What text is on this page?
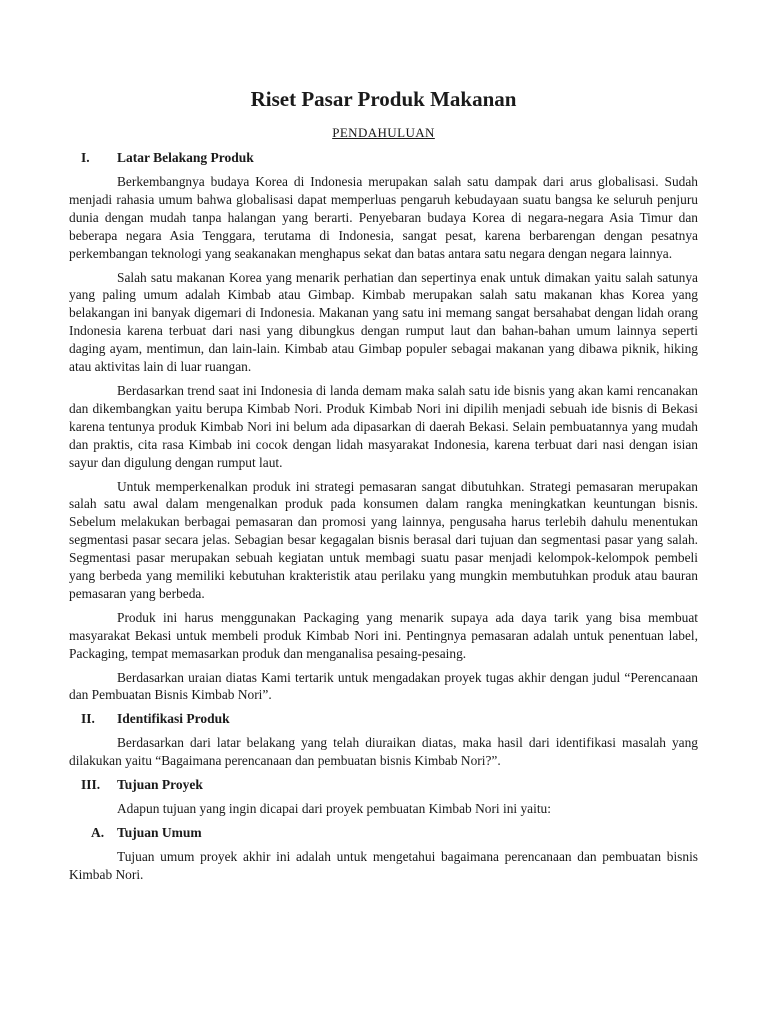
Riset Pasar Produk Makanan
PENDAHULUAN
I.	Latar Belakang Produk

Berkembangnya budaya Korea di Indonesia merupakan salah satu dampak dari arus globalisasi. Sudah menjadi rahasia umum bahwa globalisasi dapat memperluas pengaruh kebudayaan suatu bangsa ke seluruh penjuru dunia dengan mudah tanpa halangan yang berarti. Penyebaran budaya Korea di negara-negara Asia Timur dan beberapa negara Asia Tenggara, terutama di Indonesia, sangat pesat, karena berbarengan dengan pesatnya perkembangan teknologi yang seakanakan menghapus sekat dan batas antara satu negara dengan negara lainnya.

Salah satu makanan Korea yang menarik perhatian dan sepertinya enak untuk dimakan yaitu salah satunya yang paling umum adalah Kimbab atau Gimbap. Kimbab merupakan salah satu makanan khas Korea yang belakangan ini banyak digemari di Indonesia. Makanan yang satu ini memang sangat bersahabat dengan lidah orang Indonesia karena terbuat dari nasi yang dibungkus dengan rumput laut dan bahan-bahan umum lainnya seperti daging ayam, mentimun, dan lain-lain. Kimbab atau Gimbap populer sebagai makanan yang dibawa piknik, hiking atau aktivitas lain di luar ruangan.

Berdasarkan trend saat ini Indonesia di landa demam maka salah satu ide bisnis yang akan kami rencanakan dan dikembangkan yaitu berupa Kimbab Nori. Produk Kimbab Nori ini dipilih menjadi sebuah ide bisnis di Bekasi karena tentunya produk Kimbab Nori ini belum ada dipasarkan di daerah Bekasi. Selain pembuatannya yang mudah dan praktis, cita rasa Kimbab ini cocok dengan lidah masyarakat Indonesia, karena terbuat dari nasi dengan isian sayur dan digulung dengan rumput laut.

Untuk memperkenalkan produk ini strategi pemasaran sangat dibutuhkan. Strategi pemasaran merupakan salah satu awal dalam mengenalkan produk pada konsumen dalam rangka meningkatkan keuntungan bisnis. Sebelum melakukan berbagai pemasaran dan promosi yang lainnya, pengusaha harus terlebih dahulu menentukan segmentasi pasar secara jelas. Sebagian besar kegagalan bisnis berasal dari tujuan dan segmentasi pasar yang salah. Segmentasi pasar merupakan sebuah kegiatan untuk membagi suatu pasar menjadi kelompok-kelompok pembeli yang berbeda yang memiliki kebutuhan krakteristik atau perilaku yang mungkin membutuhkan produk atau bauran pemasaran yang berbeda.

Produk ini harus menggunakan Packaging yang menarik supaya ada daya tarik yang bisa membuat masyarakat Bekasi untuk membeli produk Kimbab Nori ini. Pentingnya pemasaran adalah untuk penentuan label, Packaging, tempat memasarkan produk dan menganalisa pesaing-pesaing.

Berdasarkan uraian diatas Kami tertarik untuk mengadakan proyek tugas akhir dengan judul “Perencanaan dan Pembuatan Bisnis Kimbab Nori”.

II.	Identifikasi Produk

Berdasarkan dari latar belakang yang telah diuraikan diatas, maka hasil dari identifikasi masalah yang dilakukan yaitu “Bagaimana perencanaan dan pembuatan bisnis Kimbab Nori?”.

III.	Tujuan Proyek

Adapun tujuan yang ingin dicapai dari proyek pembuatan Kimbab Nori ini yaitu:

A. Tujuan Umum

Tujuan umum proyek akhir ini adalah untuk mengetahui bagaimana perencanaan dan pembuatan bisnis Kimbab Nori.
